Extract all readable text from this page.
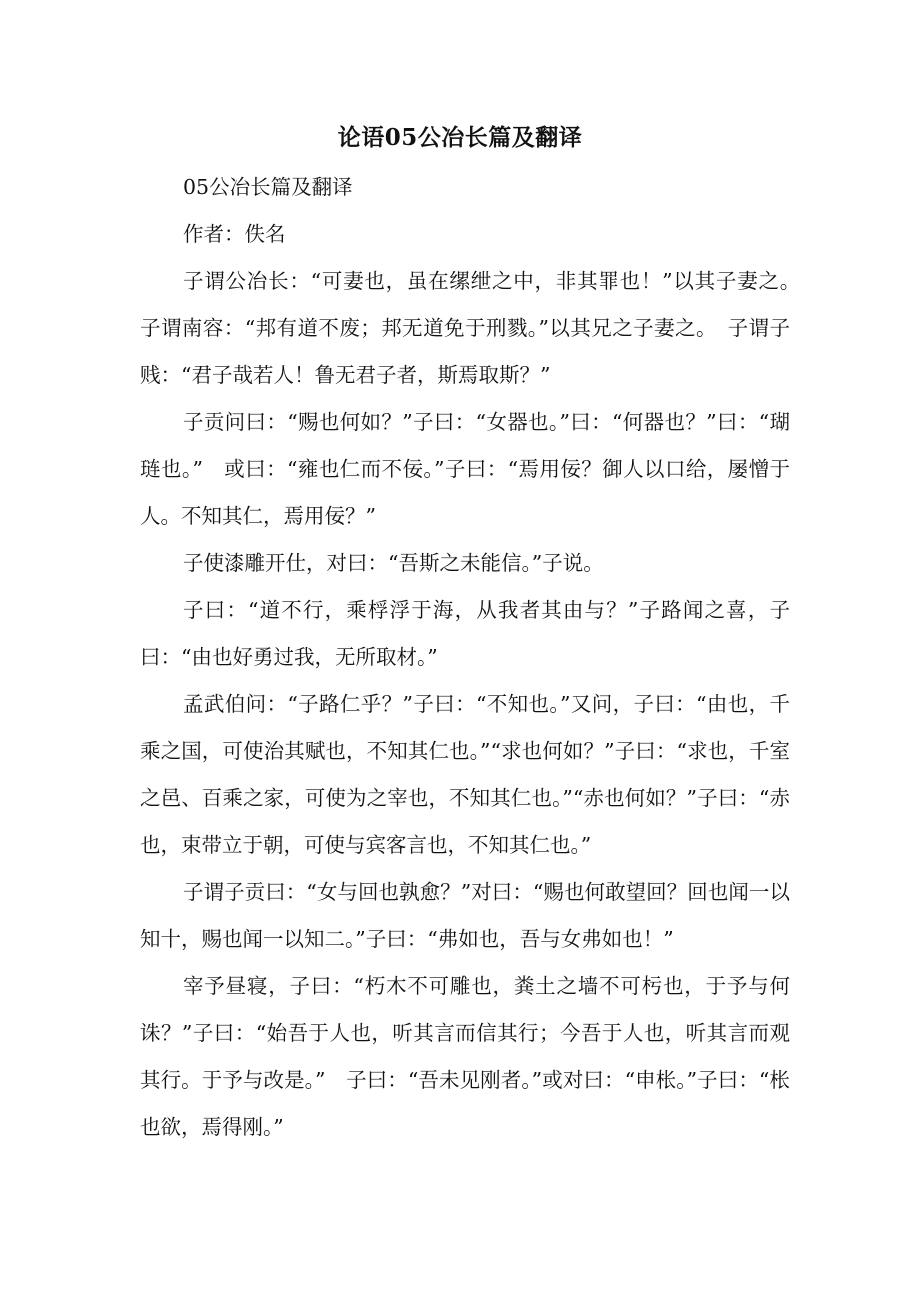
论语05公冶长篇及翻译
05公冶长篇及翻译
作者：佚名
子谓公冶长：“可妻也，虽在缧绁之中，非其罪也！”以其子妻之。　子谓南容：“邦有道不废；邦无道免于刑戮。”以其兄之子妻之。　子谓子贱：“君子哉若人！鲁无君子者，斯焉取斯？”
子贡问曰：“赐也何如？”子曰：“女器也。”曰：“何器也？”曰：“瑚琏也。”　或曰：“雍也仁而不佞。”子曰：“焉用佞？御人以口给，屡憎于人。不知其仁，焉用佞？”
子使漆雕开仕，对曰：“吾斯之未能信。”子说。
子曰：“道不行，乘桴浮于海，从我者其由与？”子路闻之喜，子曰：“由也好勇过我，无所取材。”
孟武伯问：“子路仁乎？”子曰：“不知也。”又问，子曰：“由也，千乘之国，可使治其赋也，不知其仁也。”“求也何如？”子曰：“求也，千室之邑、百乘之家，可使为之宰也，不知其仁也。”“赤也何如？”子曰：“赤也，束带立于朝，可使与宾客言也，不知其仁也。”
子谓子贡曰：“女与回也孰愈？”对曰：“赐也何敢望回？回也闻一以知十，赐也闻一以知二。”子曰：“弗如也，吾与女弗如也！”
宰予昼寝，子曰：“朽木不可雕也，粪土之墙不可杇也，于予与何诛？”子曰：“始吾于人也，听其言而信其行；今吾于人也，听其言而观其行。于予与改是。”　子曰：“吾未见刚者。”或对曰：“申枨。”子曰：“枨也欲，焉得刚。”
